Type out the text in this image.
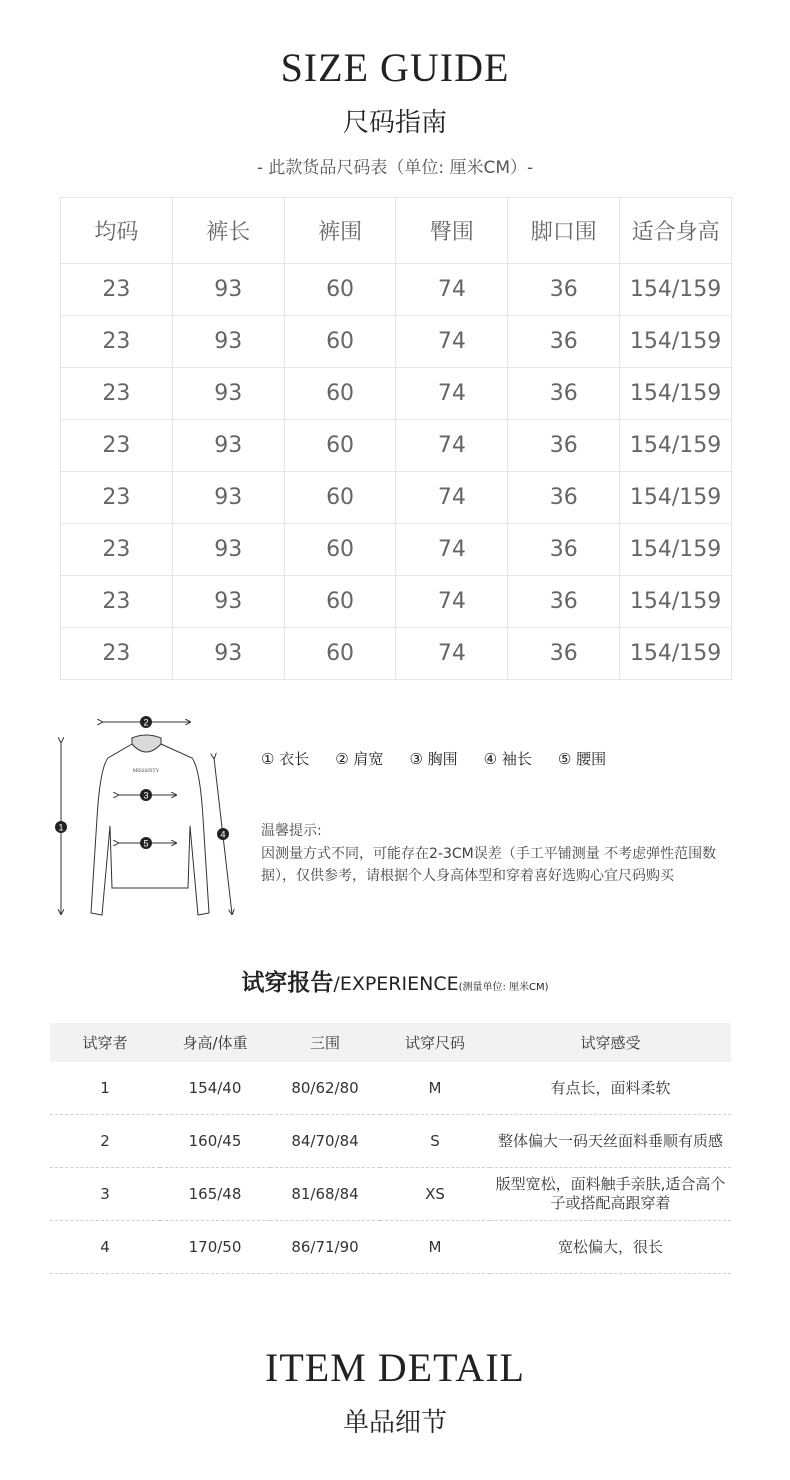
SIZE GUIDE
尺码指南
- 此款货品尺码表（单位: 厘米CM）-
均码	裤长	裤围	臀围	脚口围	适合身高
23	93	60	74	36	154/159
23	93	60	74	36	154/159
23	93	60	74	36	154/159
23	93	60	74	36	154/159
23	93	60	74	36	154/159
23	93	60	74	36	154/159
23	93	60	74	36	154/159
23	93	60	74	36	154/159
2
MISSSIXTY
3
5
1
4
① 衣长 ② 肩宽 ③ 胸围 ④ 袖长 ⑤ 腰围
温馨提示:
因测量方式不同，可能存在2-3CM误差（手工平铺测量 不考虑弹性范围数据），仅供参考，请根据个人身高体型和穿着喜好选购心宜尺码购买
试穿报告/EXPERIENCE(测量单位: 厘米CM)
试穿者	身高/体重	三围	试穿尺码	试穿感受
1	154/40	80/62/80	M	有点长，面料柔软
2	160/45	84/70/84	S	整体偏大一码天丝面料垂顺有质感
3	165/48	81/68/84	XS	版型宽松，面料触手亲肤,适合高个子或搭配高跟穿着
4	170/50	86/71/90	M	宽松偏大，很长
ITEM DETAIL
单品细节
